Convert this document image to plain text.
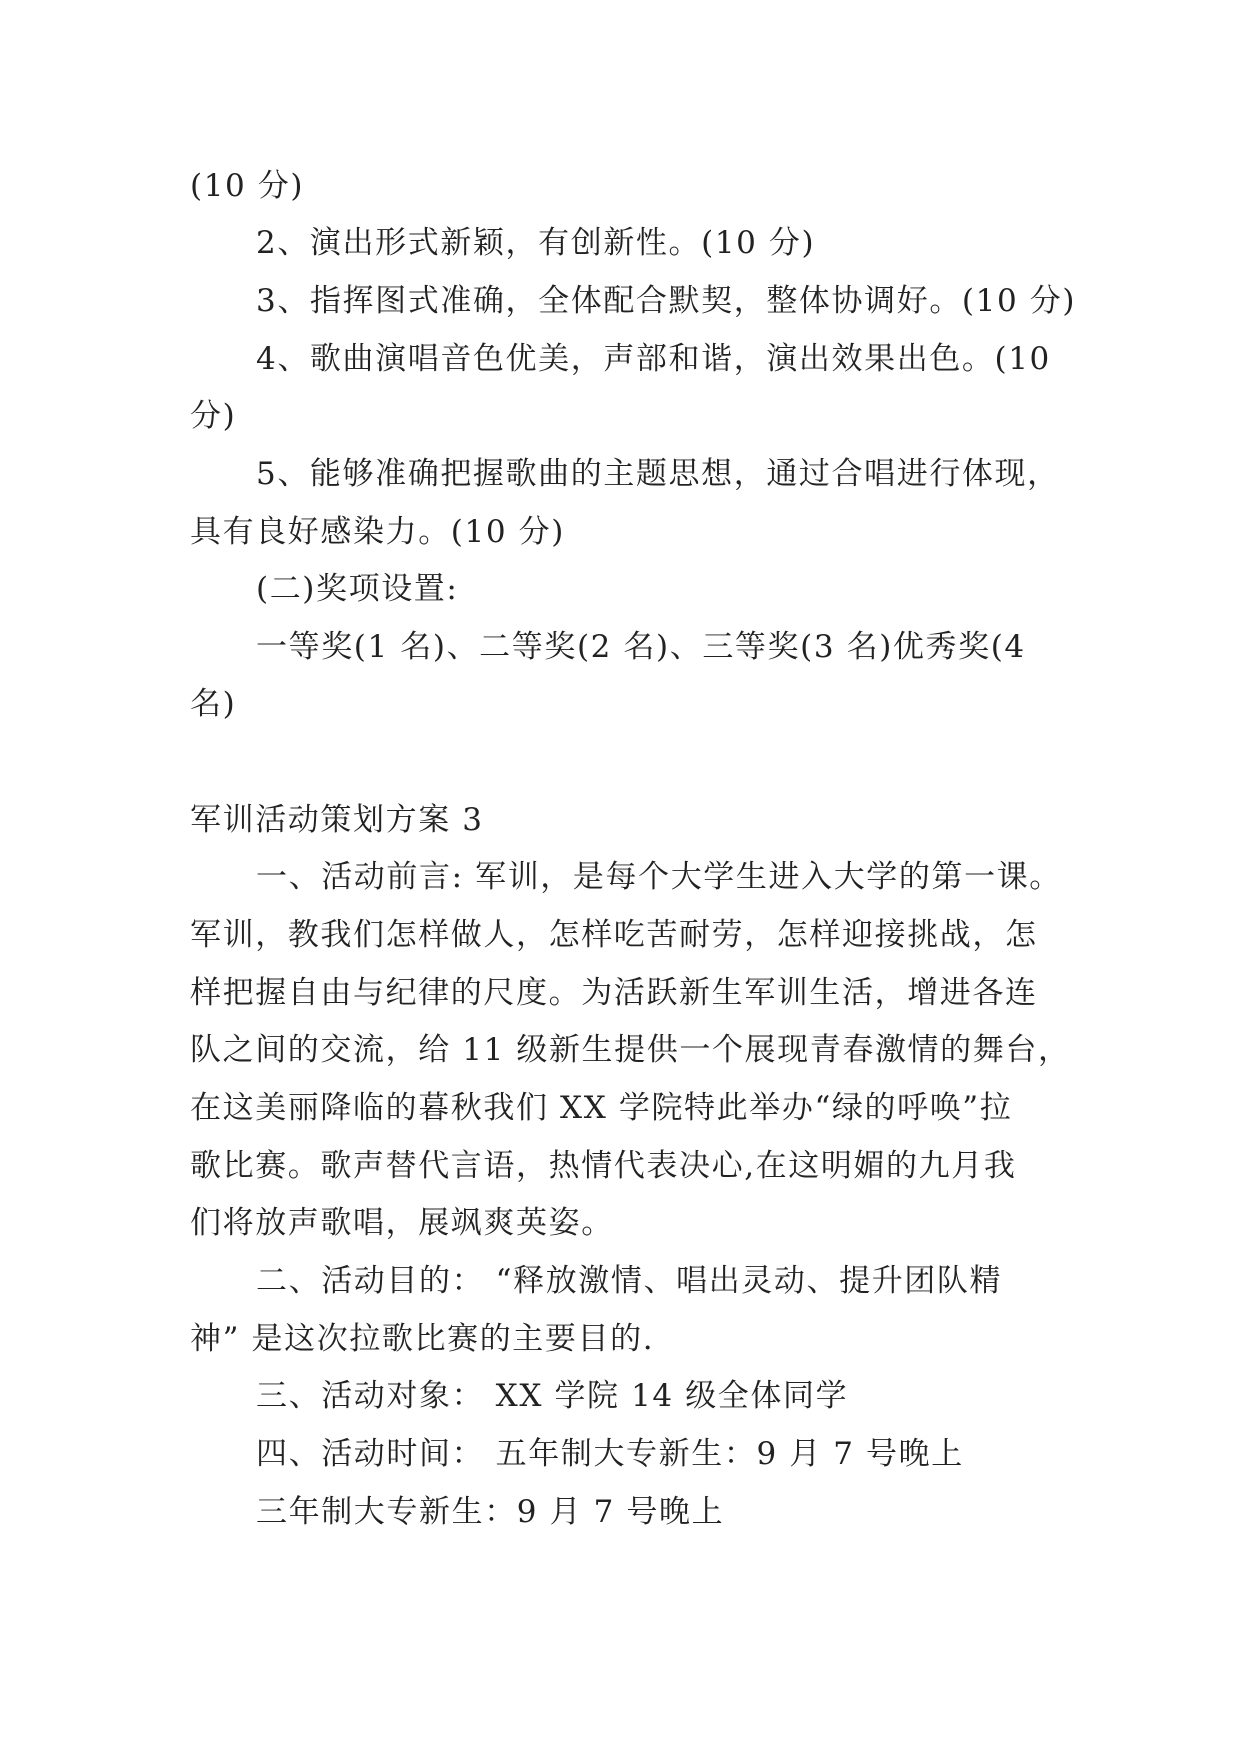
(10 分)
2、演出形式新颖，有创新性。(10 分)
3、指挥图式准确，全体配合默契，整体协调好。(10 分)
4、歌曲演唱音色优美，声部和谐，演出效果出色。(10
分)
5、能够准确把握歌曲的主题思想，通过合唱进行体现，
具有良好感染力。(10 分)
(二)奖项设置:
一等奖(1 名)、二等奖(2 名)、三等奖(3 名)优秀奖(4
名)
军训活动策划方案 3
一、活动前言: 军训，是每个大学生进入大学的第一课。
军训，教我们怎样做人，怎样吃苦耐劳，怎样迎接挑战，怎
样把握自由与纪律的尺度。为活跃新生军训生活，增进各连
队之间的交流，给 11 级新生提供一个展现青春激情的舞台，
在这美丽降临的暮秋我们 XX 学院特此举办“绿的呼唤”拉
歌比赛。歌声替代言语，热情代表决心,在这明媚的九月我
们将放声歌唱，展飒爽英姿。
二、活动目的： “释放激情、唱出灵动、提升团队精
神” 是这次拉歌比赛的主要目的.
三、活动对象： XX 学院 14 级全体同学
四、活动时间： 五年制大专新生：9 月 7 号晚上
三年制大专新生：9 月 7 号晚上
